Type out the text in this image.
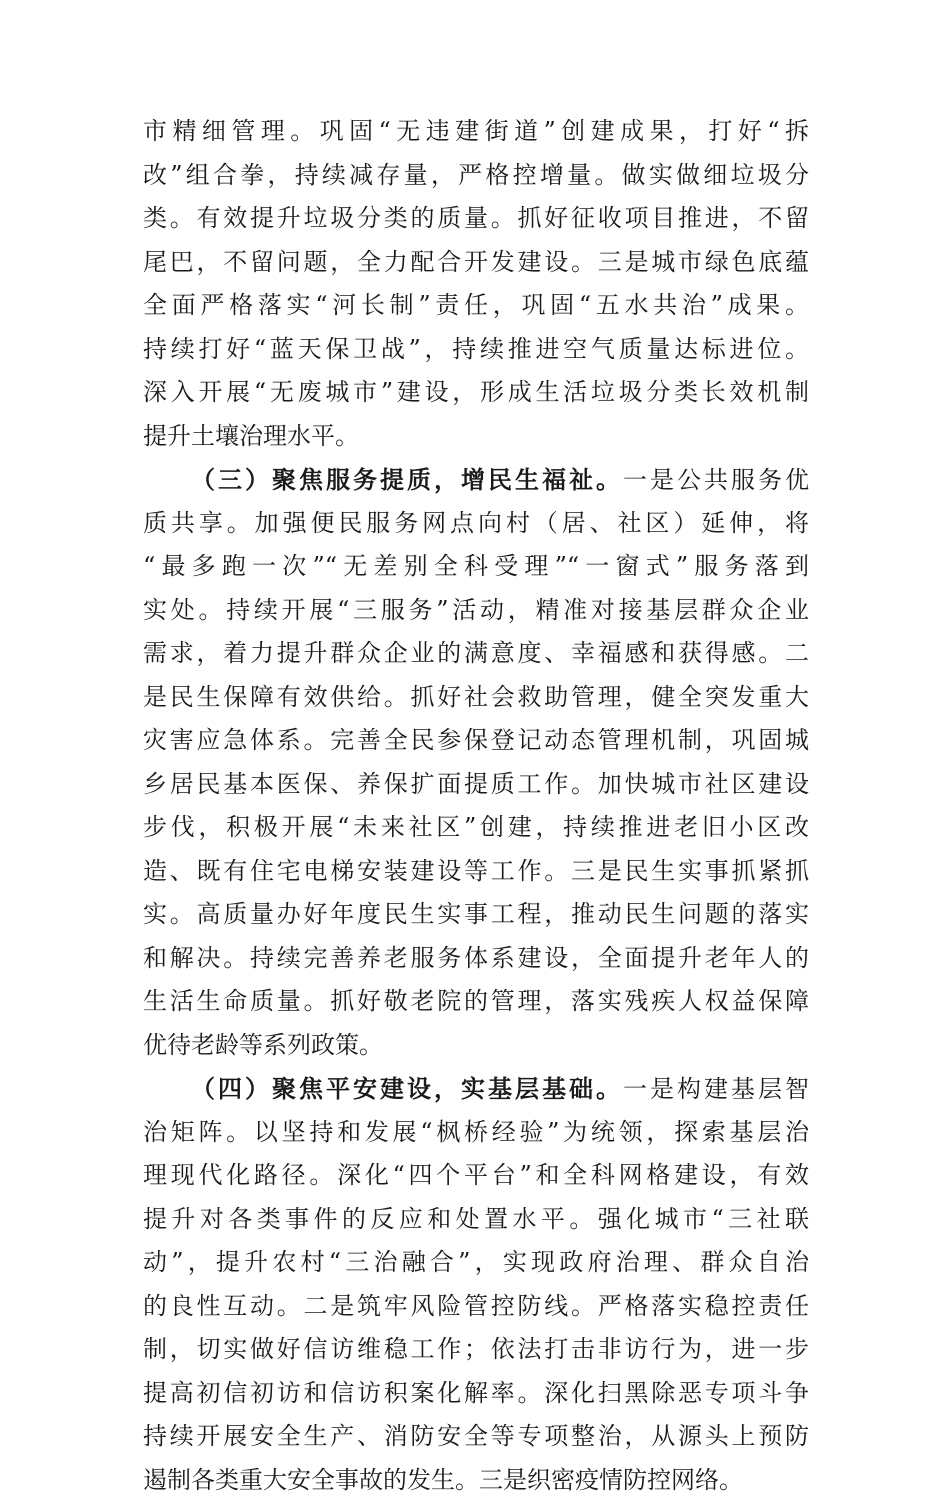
市精细管理。巩固“无违建街道”创建成果，打好“拆
改”组合拳，持续减存量，严格控增量。做实做细垃圾分
类。有效提升垃圾分类的质量。抓好征收项目推进，不留
尾巴，不留问题，全力配合开发建设。三是城市绿色底蕴
全面严格落实“河长制”责任，巩固“五水共治”成果。
持续打好“蓝天保卫战”，持续推进空气质量达标进位。
深入开展“无废城市”建设，形成生活垃圾分类长效机制
提升土壤治理水平。
（三）聚焦服务提质，增民生福祉。一是公共服务优
质共享。加强便民服务网点向村（居、社区）延伸，将
“最多跑一次”“无差别全科受理”“一窗式”服务落到
实处。持续开展“三服务”活动，精准对接基层群众企业
需求，着力提升群众企业的满意度、幸福感和获得感。二
是民生保障有效供给。抓好社会救助管理，健全突发重大
灾害应急体系。完善全民参保登记动态管理机制，巩固城
乡居民基本医保、养保扩面提质工作。加快城市社区建设
步伐，积极开展“未来社区”创建，持续推进老旧小区改
造、既有住宅电梯安装建设等工作。三是民生实事抓紧抓
实。高质量办好年度民生实事工程，推动民生问题的落实
和解决。持续完善养老服务体系建设，全面提升老年人的
生活生命质量。抓好敬老院的管理，落实残疾人权益保障
优待老龄等系列政策。
（四）聚焦平安建设，实基层基础。一是构建基层智
治矩阵。以坚持和发展“枫桥经验”为统领，探索基层治
理现代化路径。深化“四个平台”和全科网格建设，有效
提升对各类事件的反应和处置水平。强化城市“三社联
动”，提升农村“三治融合”，实现政府治理、群众自治
的良性互动。二是筑牢风险管控防线。严格落实稳控责任
制，切实做好信访维稳工作；依法打击非访行为，进一步
提高初信初访和信访积案化解率。深化扫黑除恶专项斗争
持续开展安全生产、消防安全等专项整治，从源头上预防
遏制各类重大安全事故的发生。三是织密疫情防控网络。
